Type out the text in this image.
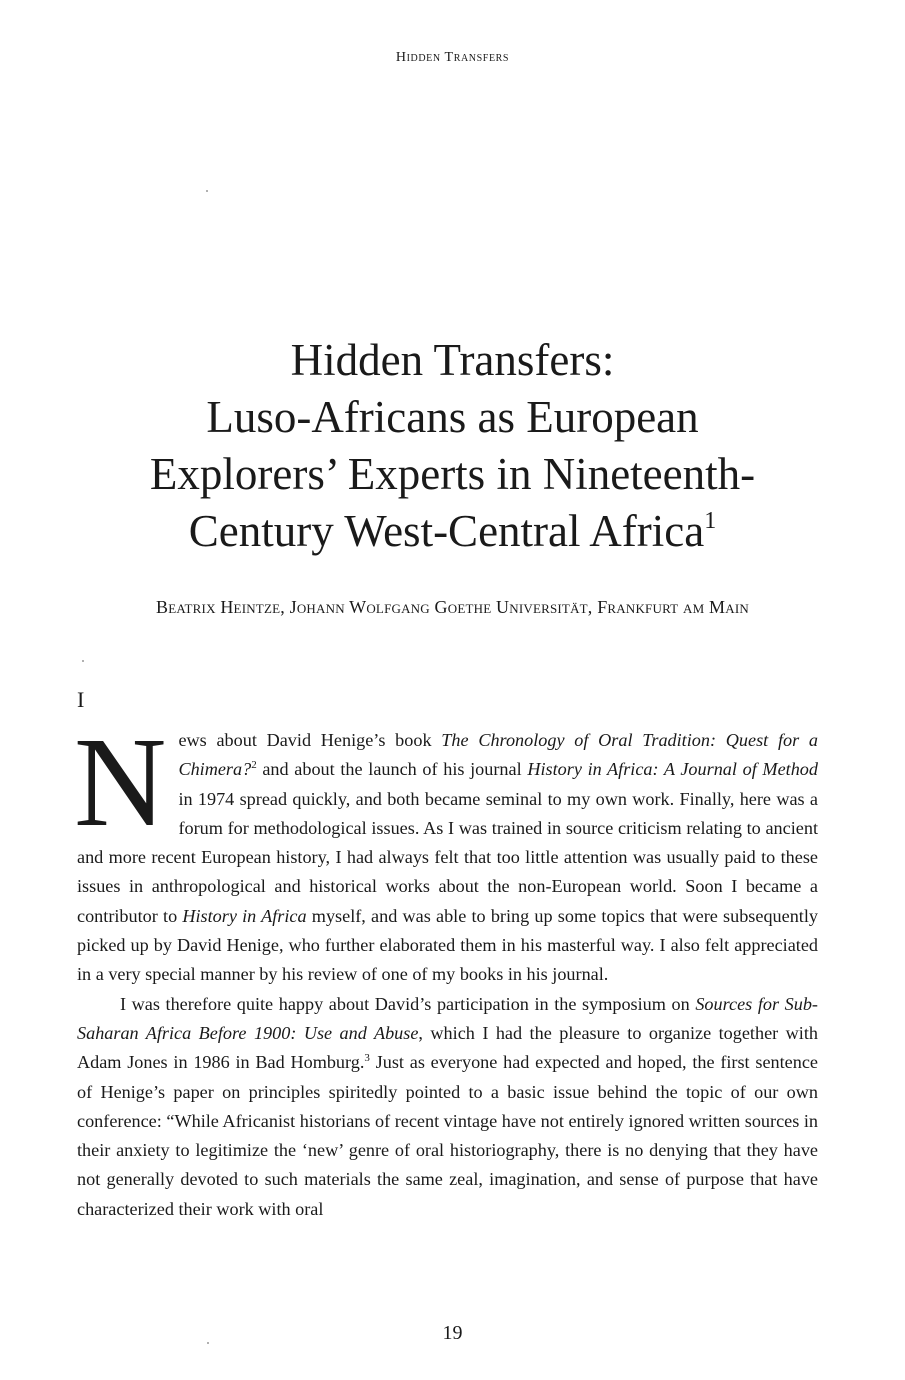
Hidden Transfers
Hidden Transfers:
Luso-Africans as European
Explorers’ Experts in Nineteenth-
Century West-Central Africa$^1$
Beatrix Heintze, Johann Wolfgang Goethe Universität, Frankfurt am Main
I

News about David Henige’s book The Chronology of Oral Tradition: Quest for a Chimera?$^2$ and about the launch of his journal History in Africa: A Journal of Method in 1974 spread quickly, and both became seminal to my own work. Finally, here was a forum for methodological issues. As I was trained in source criticism relating to ancient and more recent European history, I had always felt that too little attention was usually paid to these issues in anthropological and historical works about the non-European world. Soon I became a contributor to History in Africa myself, and was able to bring up some topics that were subsequently picked up by David Henige, who further elaborated them in his masterful way. I also felt appreciated in a very special manner by his review of one of my books in his journal.

I was therefore quite happy about David’s participation in the symposium on Sources for Sub-Saharan Africa Before 1900: Use and Abuse, which I had the pleasure to organize together with Adam Jones in 1986 in Bad Homburg.$^3$ Just as everyone had expected and hoped, the first sentence of Henige’s paper on principles spiritedly pointed to a basic issue behind the topic of our own conference: “While Africanist historians of recent vintage have not entirely ignored written sources in their anxiety to legitimize the ‘new’ genre of oral historiography, there is no denying that they have not generally devoted to such materials the same zeal, imagination, and sense of purpose that have characterized their work with oral

19
